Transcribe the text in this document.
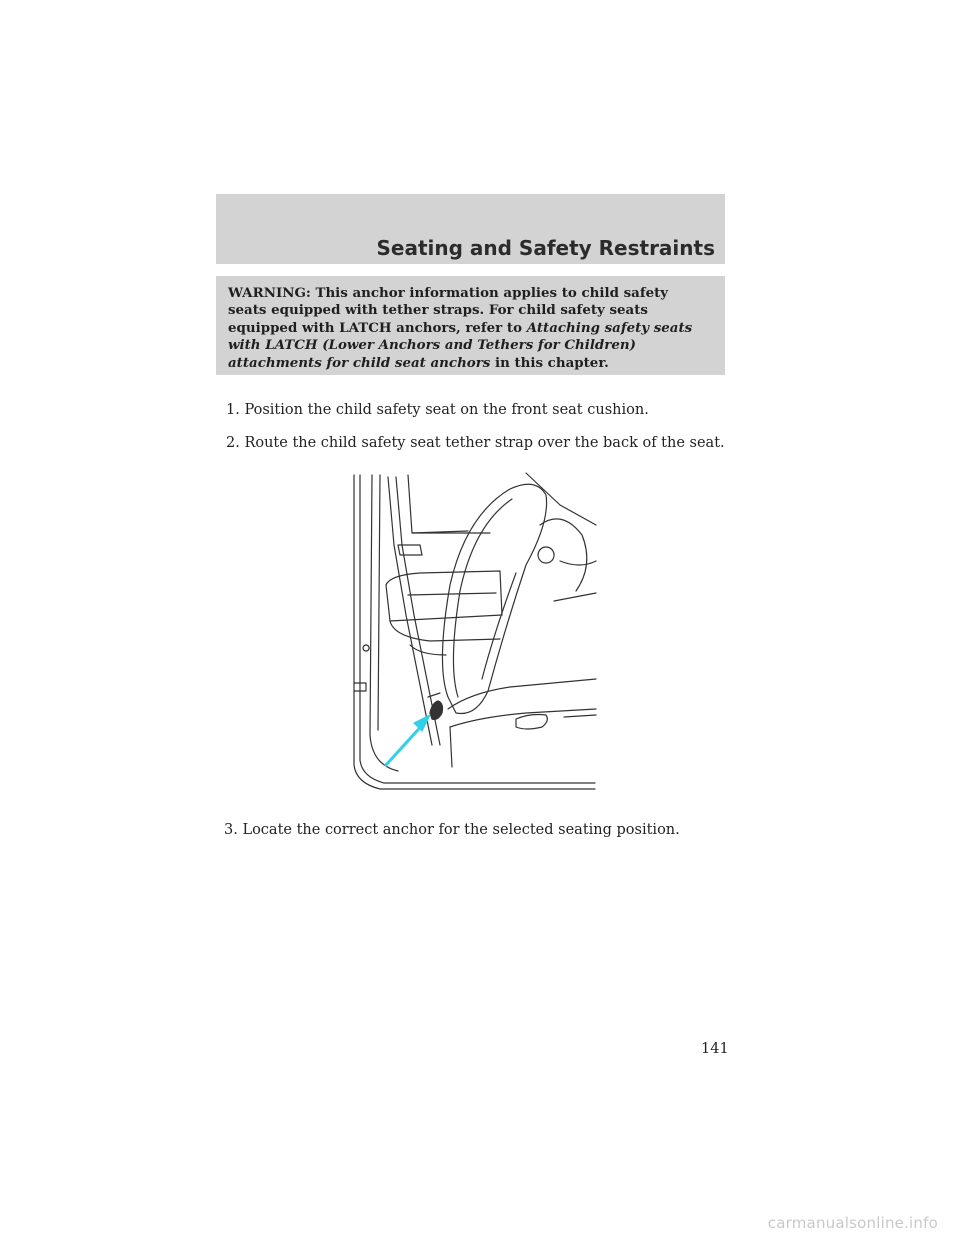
Seating and Safety Restraints
WARNING: This anchor information applies to child safety
seats equipped with tether straps. For child safety seats
equipped with LATCH anchors, refer to Attaching safety seats
with LATCH (Lower Anchors and Tethers for Children)
attachments for child seat anchors in this chapter.

1. Position the child safety seat on the front seat cushion.

2. Route the child safety seat tether strap over the back of the seat.

3. Locate the correct anchor for the selected seating position.

141
carmanualsonline.info
